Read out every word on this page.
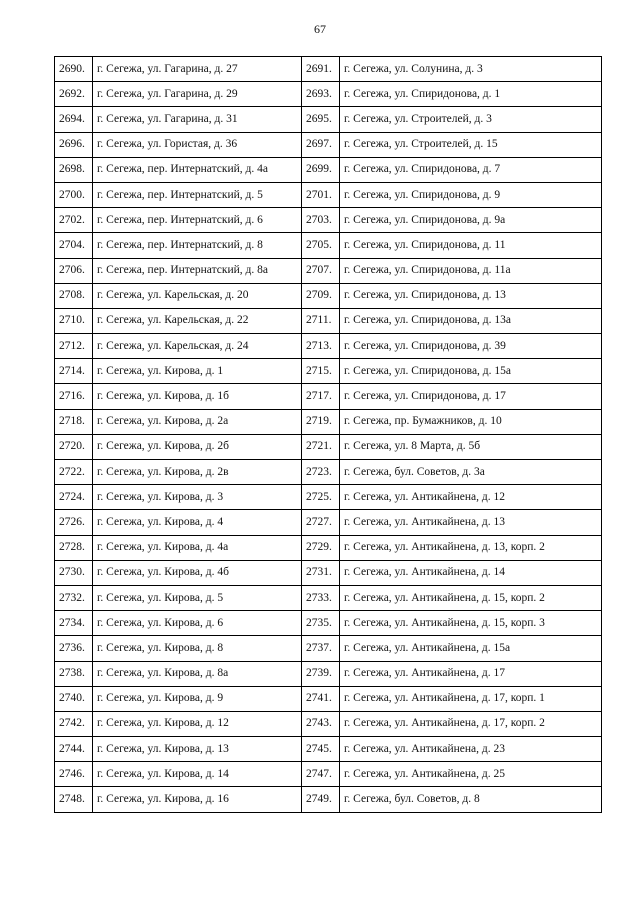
67
2690.	г. Сегежа, ул. Гагарина, д. 27	2691.	г. Сегежа, ул. Солунина, д. 3
2692.	г. Сегежа, ул. Гагарина, д. 29	2693.	г. Сегежа, ул. Спиридонова, д. 1
2694.	г. Сегежа, ул. Гагарина, д. 31	2695.	г. Сегежа, ул. Строителей, д. 3
2696.	г. Сегежа, ул. Гористая, д. 36	2697.	г. Сегежа, ул. Строителей, д. 15
2698.	г. Сегежа, пер. Интернатский, д. 4а	2699.	г. Сегежа, ул. Спиридонова, д. 7
2700.	г. Сегежа, пер. Интернатский, д. 5	2701.	г. Сегежа, ул. Спиридонова, д. 9
2702.	г. Сегежа, пер. Интернатский, д. 6	2703.	г. Сегежа, ул. Спиридонова, д. 9а
2704.	г. Сегежа, пер. Интернатский, д. 8	2705.	г. Сегежа, ул. Спиридонова, д. 11
2706.	г. Сегежа, пер. Интернатский, д. 8а	2707.	г. Сегежа, ул. Спиридонова, д. 11а
2708.	г. Сегежа, ул. Карельская, д. 20	2709.	г. Сегежа, ул. Спиридонова, д. 13
2710.	г. Сегежа, ул. Карельская, д. 22	2711.	г. Сегежа, ул. Спиридонова, д. 13а
2712.	г. Сегежа, ул. Карельская, д. 24	2713.	г. Сегежа, ул. Спиридонова, д. 39
2714.	г. Сегежа, ул. Кирова, д. 1	2715.	г. Сегежа, ул. Спиридонова, д. 15а
2716.	г. Сегежа, ул. Кирова, д. 1б	2717.	г. Сегежа, ул. Спиридонова, д. 17
2718.	г. Сегежа, ул. Кирова, д. 2а	2719.	г. Сегежа, пр. Бумажников, д. 10
2720.	г. Сегежа, ул. Кирова, д. 2б	2721.	г. Сегежа, ул. 8 Марта, д. 5б
2722.	г. Сегежа, ул. Кирова, д. 2в	2723.	г. Сегежа, бул. Советов, д. 3а
2724.	г. Сегежа, ул. Кирова, д. 3	2725.	г. Сегежа, ул. Антикайнена, д. 12
2726.	г. Сегежа, ул. Кирова, д. 4	2727.	г. Сегежа, ул. Антикайнена, д. 13
2728.	г. Сегежа, ул. Кирова, д. 4а	2729.	г. Сегежа, ул. Антикайнена, д. 13, корп. 2
2730.	г. Сегежа, ул. Кирова, д. 4б	2731.	г. Сегежа, ул. Антикайнена, д. 14
2732.	г. Сегежа, ул. Кирова, д. 5	2733.	г. Сегежа, ул. Антикайнена, д. 15, корп. 2
2734.	г. Сегежа, ул. Кирова, д. 6	2735.	г. Сегежа, ул. Антикайнена, д. 15, корп. 3
2736.	г. Сегежа, ул. Кирова, д. 8	2737.	г. Сегежа, ул. Антикайнена, д. 15а
2738.	г. Сегежа, ул. Кирова, д. 8а	2739.	г. Сегежа, ул. Антикайнена, д. 17
2740.	г. Сегежа, ул. Кирова, д. 9	2741.	г. Сегежа, ул. Антикайнена, д. 17, корп. 1
2742.	г. Сегежа, ул. Кирова, д. 12	2743.	г. Сегежа, ул. Антикайнена, д. 17, корп. 2
2744.	г. Сегежа, ул. Кирова, д. 13	2745.	г. Сегежа, ул. Антикайнена, д. 23
2746.	г. Сегежа, ул. Кирова, д. 14	2747.	г. Сегежа, ул. Антикайнена, д. 25
2748.	г. Сегежа, ул. Кирова, д. 16	2749.	г. Сегежа, бул. Советов, д. 8
